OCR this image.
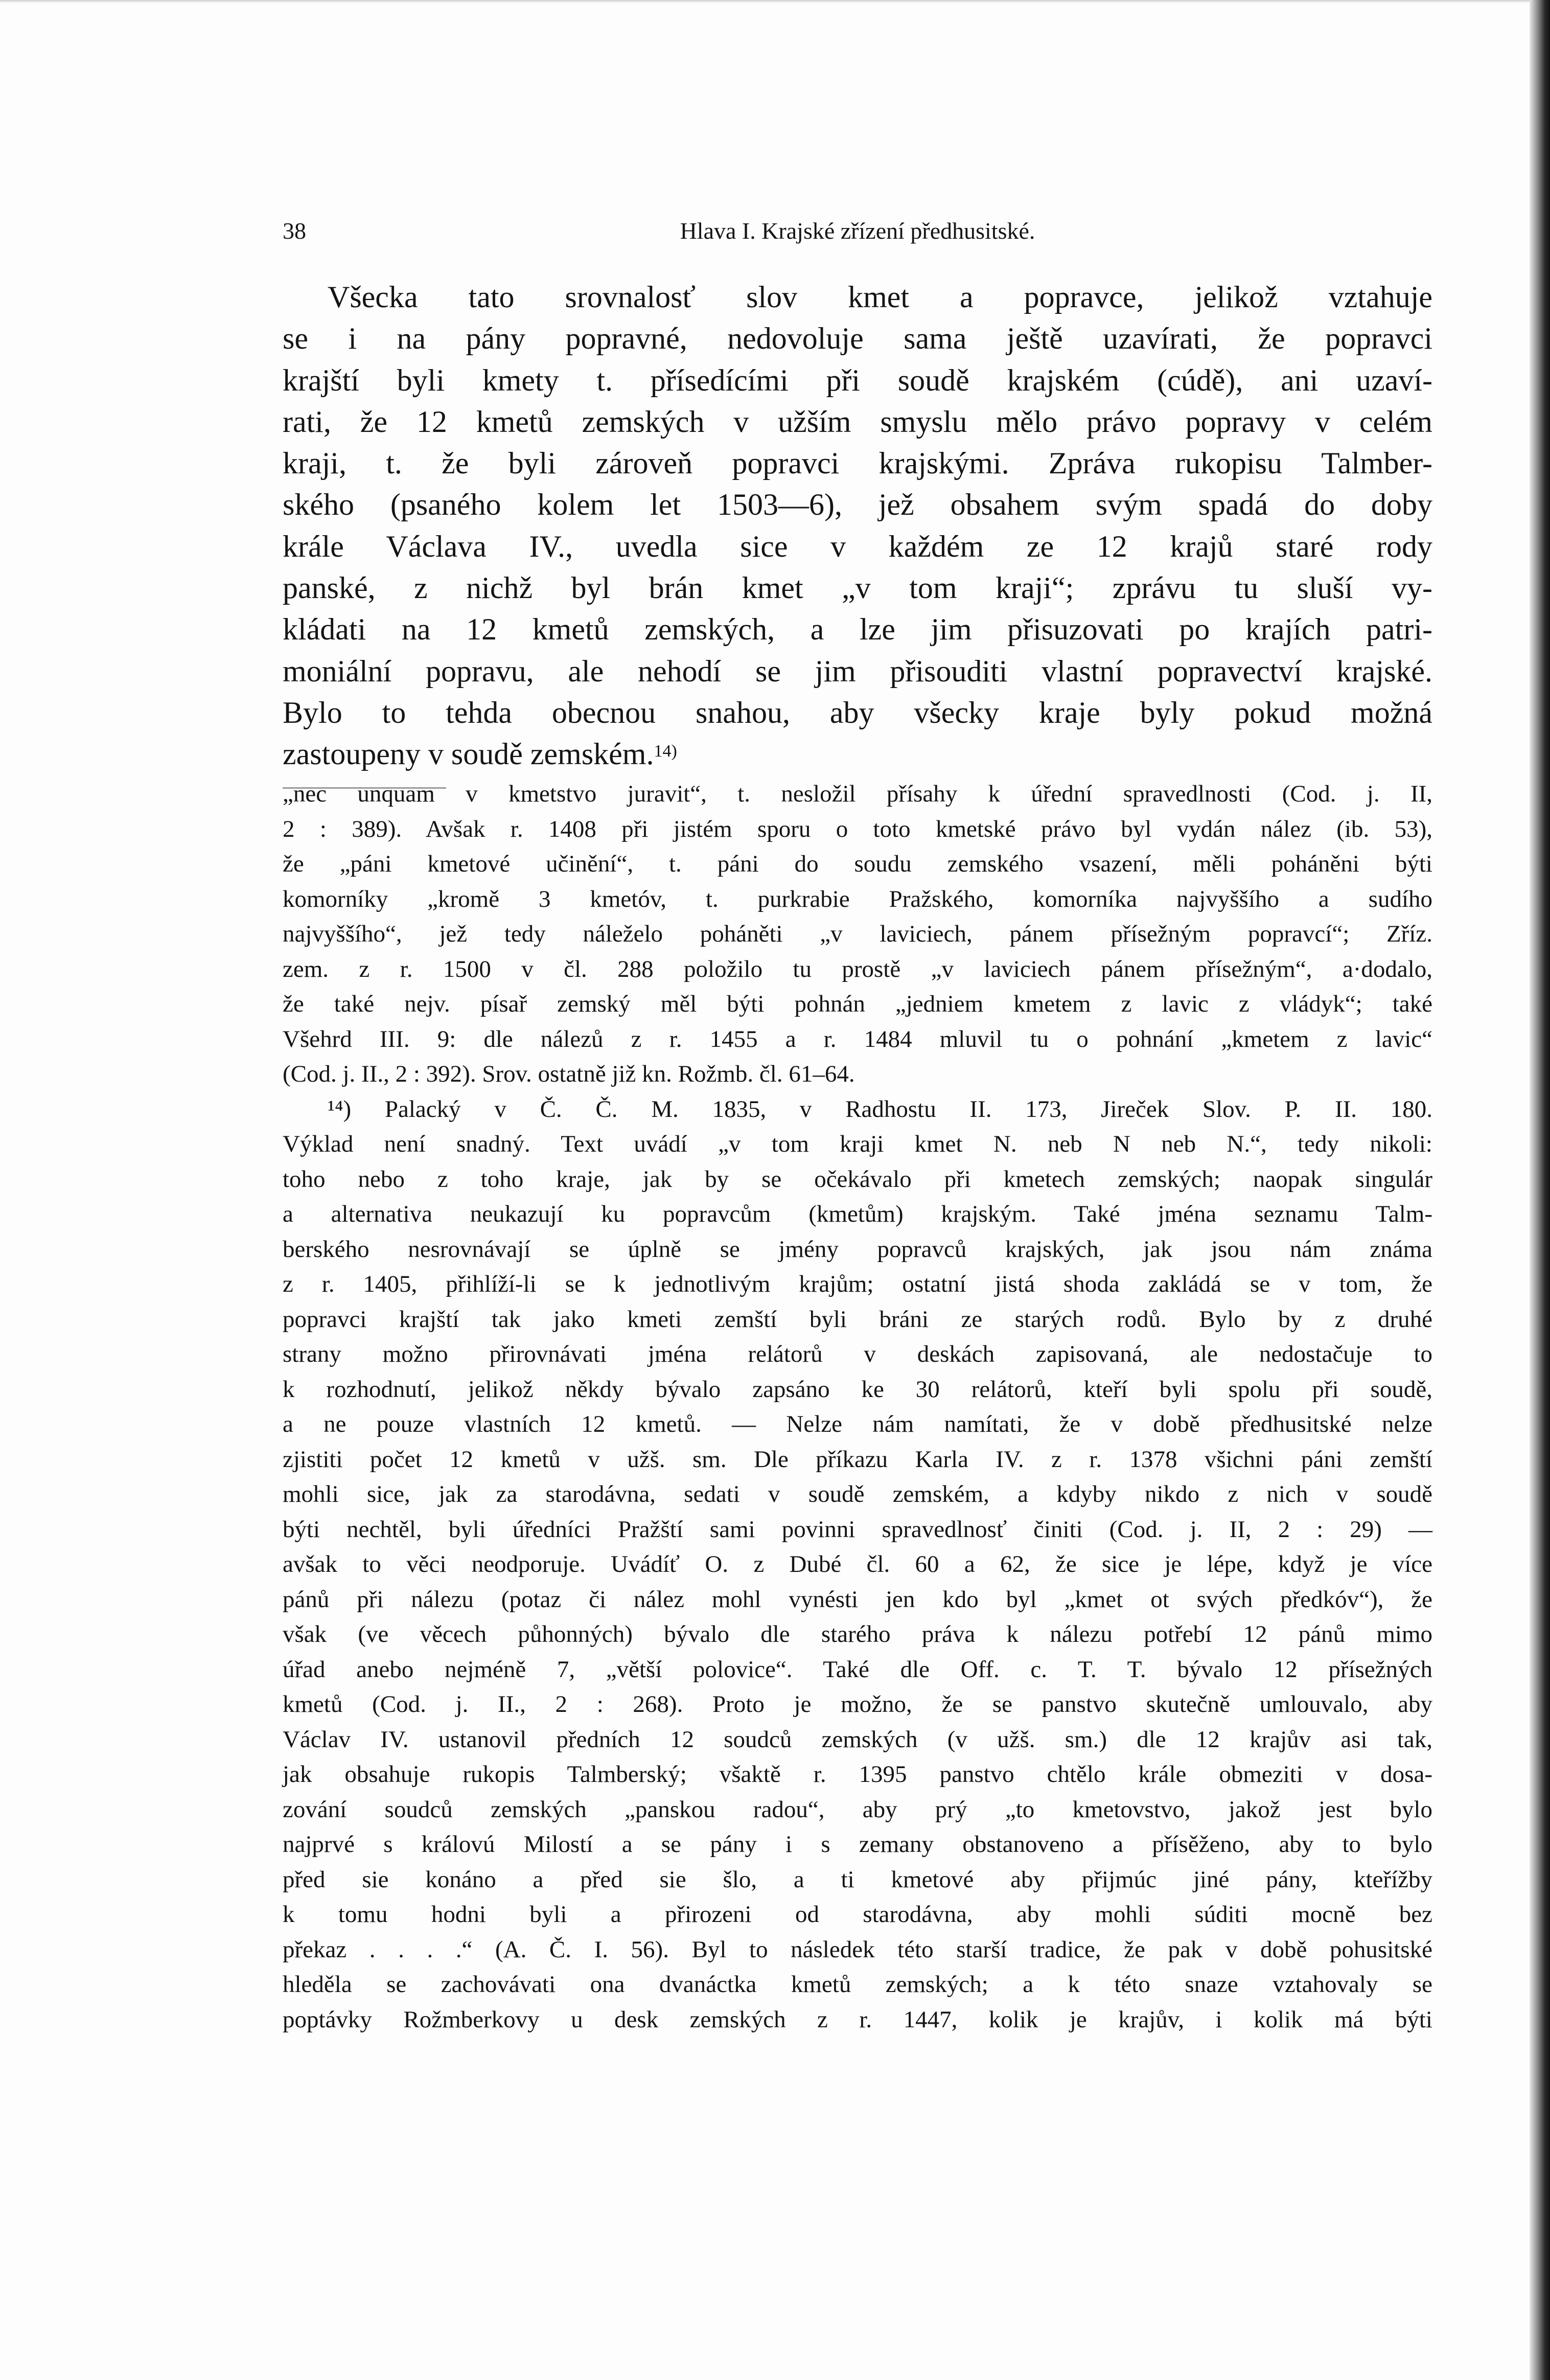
38	Hlava I. Krajské zřízení předhusitské.
Všecka tato srovnalosť slov kmet a popravce, jelikož vztahuje
se i na pány popravné, nedovoluje sama ještě uzavírati, že popravci
krajští byli kmety t. přísedícími při soudě krajském (cúdě), ani uzaví-
rati, že 12 kmetů zemských v užším smyslu mělo právo popravy v celém
kraji, t. že byli zároveň popravci krajskými. Zpráva rukopisu Talmber-
ského (psaného kolem let 1503—6), jež obsahem svým spadá do doby
krále Václava IV., uvedla sice v každém ze 12 krajů staré rody
panské, z nichž byl brán kmet „v tom kraji“; zprávu tu sluší vy-
kládati na 12 kmetů zemských, a lze jim přisuzovati po krajích patri-
moniální popravu, ale nehodí se jim přisouditi vlastní popravectví krajské.
Bylo to tehda obecnou snahou, aby všecky kraje byly pokud možná
zastoupeny v soudě zemském.$^{14)}$
„nec unquam v kmetstvo juravit“, t. nesložil přísahy k úřední spravedlnosti (Cod. j. II,
2 : 389). Avšak r. 1408 při jistém sporu o toto kmetské právo byl vydán nález (ib. 53),
že „páni kmetové učinění“, t. páni do soudu zemského vsazení, měli poháněni býti
komorníky „kromě 3 kmetóv, t. purkrabie Pražského, komorníka najvyššího a sudího
najvyššího“, jež tedy náleželo poháněti „v laviciech, pánem přísežným popravcí“; Zříz.
zem. z r. 1500 v čl. 288 položilo tu prostě „v laviciech pánem přísežným“, a·dodalo,
že také nejv. písař zemský měl býti pohnán „jedniem kmetem z lavic z vládyk“; také
Všehrd III. 9: dle nálezů z r. 1455 a r. 1484 mluvil tu o pohnání „kmetem z lavic“
(Cod. j. II., 2 : 392). Srov. ostatně již kn. Rožmb. čl. 61–64.
¹⁴) Palacký v Č. Č. M. 1835, v Radhostu II. 173, Jireček Slov. P. II. 180.
Výklad není snadný. Text uvádí „v tom kraji kmet N. neb N neb N.“, tedy nikoli:
toho nebo z toho kraje, jak by se očekávalo při kmetech zemských; naopak singulár
a alternativa neukazují ku popravcům (kmetům) krajským. Také jména seznamu Talm-
berského nesrovnávají se úplně se jmény popravců krajských, jak jsou nám známa
z r. 1405, přihlíží-li se k jednotlivým krajům; ostatní jistá shoda zakládá se v tom, že
popravci krajští tak jako kmeti zemští byli bráni ze starých rodů. Bylo by z druhé
strany možno přirovnávati jména relátorů v deskách zapisovaná, ale nedostačuje to
k rozhodnutí, jelikož někdy bývalo zapsáno ke 30 relátorů, kteří byli spolu při soudě,
a ne pouze vlastních 12 kmetů. — Nelze nám namítati, že v době předhusitské nelze
zjistiti počet 12 kmetů v užš. sm. Dle příkazu Karla IV. z r. 1378 všichni páni zemští
mohli sice, jak za starodávna, sedati v soudě zemském, a kdyby nikdo z nich v soudě
býti nechtěl, byli úředníci Pražští sami povinni spravedlnosť činiti (Cod. j. II, 2 : 29) —
avšak to věci neodporuje. Uvádíť O. z Dubé čl. 60 a 62, že sice je lépe, když je více
pánů při nálezu (potaz či nález mohl vynésti jen kdo byl „kmet ot svých předkóv“), že
však (ve věcech půhonných) bývalo dle starého práva k nálezu potřebí 12 pánů mimo
úřad anebo nejméně 7, „větší polovice“. Také dle Off. c. T. T. bývalo 12 přísežných
kmetů (Cod. j. II., 2 : 268). Proto je možno, že se panstvo skutečně umlouvalo, aby
Václav IV. ustanovil předních 12 soudců zemských (v užš. sm.) dle 12 krajův asi tak,
jak obsahuje rukopis Talmberský; všaktě r. 1395 panstvo chtělo krále obmeziti v dosa-
zování soudců zemských „panskou radou“, aby prý „to kmetovstvo, jakož jest bylo
najprvé s královú Milostí a se pány i s zemany obstanoveno a přísěženo, aby to bylo
před sie konáno a před sie šlo, a ti kmetové aby přijmúc jiné pány, kteřížby
k tomu hodni byli a přirozeni od starodávna, aby mohli súditi mocně bez
překaz . . . .“ (A. Č. I. 56). Byl to následek této starší tradice, že pak v době pohusitské
hleděla se zachovávati ona dvanáctka kmetů zemských; a k této snaze vztahovaly se
poptávky Rožmberkovy u desk zemských z r. 1447, kolik je krajův, i kolik má býti
